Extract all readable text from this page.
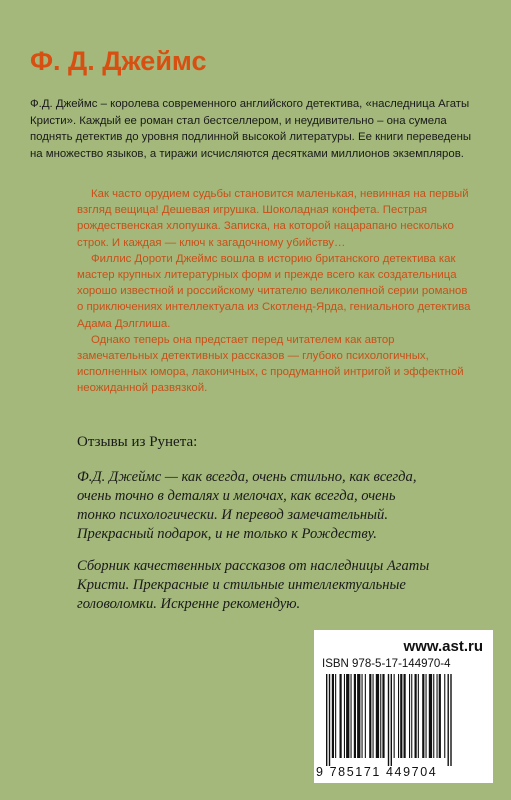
Ф. Д. Джеймс
Ф.Д. Джеймс – королева современного английского детектива, «наследница Агаты Кристи». Каждый ее роман стал бестселлером, и неудивительно – она сумела поднять детектив до уровня подлинной высокой литературы. Ее книги переведены на множество языков, а тиражи исчисляются десятками миллионов экземпляров.

Как часто орудием судьбы становится маленькая, невинная на первый взгляд вещица! Дешевая игрушка. Шоколадная конфета. Пестрая рождественская хлопушка. Записка, на которой нацарапано несколько строк. И каждая — ключ к загадочному убийству…

Филлис Дороти Джеймс вошла в историю британского детектива как мастер крупных литературных форм и прежде всего как создательница хорошо известной и российскому читателю великолепной серии романов о приключениях интеллектуала из Скотленд-Ярда, гениального детектива Адама Дэлглиша.

Однако теперь она предстает перед читателем как автор замечательных детективных рассказов — глубоко психологичных, исполненных юмора, лаконичных, с продуманной интригой и эффектной неожиданной развязкой.

Отзывы из Рунета:
Ф.Д. Джеймс — как всегда, очень стильно, как всегда, очень точно в деталях и мелочах, как всегда, очень тонко психологически. И перевод замечательный. Прекрасный подарок, и не только к Рождеству.
Сборник качественных рассказов от наследницы Агаты Кристи. Прекрасные и стильные интеллектуальные головоломки. Искренне рекомендую.
www.ast.ru
ISBN 978-5-17-144970-4
9 785171 449704
